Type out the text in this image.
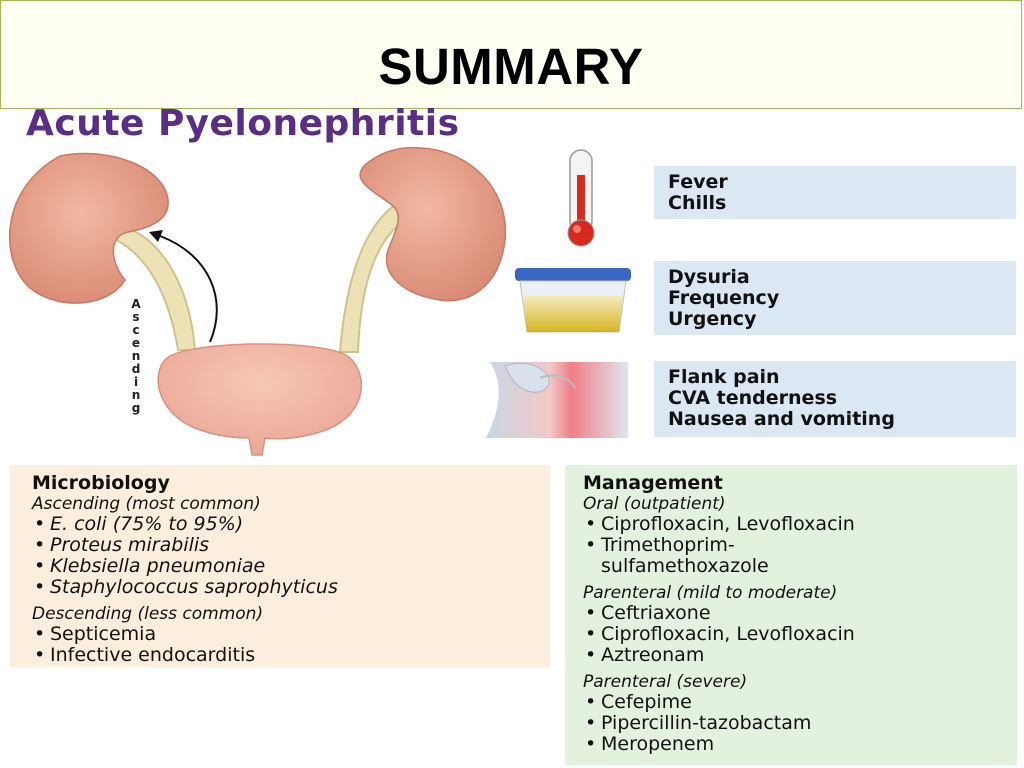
SUMMARY
Acute Pyelonephritis
A
s
c
e
n
d
i
n
g
Fever
Chills
Dysuria
Frequency
Urgency
Flank pain
CVA tenderness
Nausea and vomiting
Microbiology
Ascending (most common)
• E. coli (75% to 95%)
• Proteus mirabilis
• Klebsiella pneumoniae
• Staphylococcus saprophyticus
Descending (less common)
• Septicemia
• Infective endocarditis
Management
Oral (outpatient)
• Ciprofloxacin, Levofloxacin
• Trimethoprim-
sulfamethoxazole
Parenteral (mild to moderate)
• Ceftriaxone
• Ciprofloxacin, Levofloxacin
• Aztreonam
Parenteral (severe)
• Cefepime
• Pipercillin-tazobactam
• Meropenem
